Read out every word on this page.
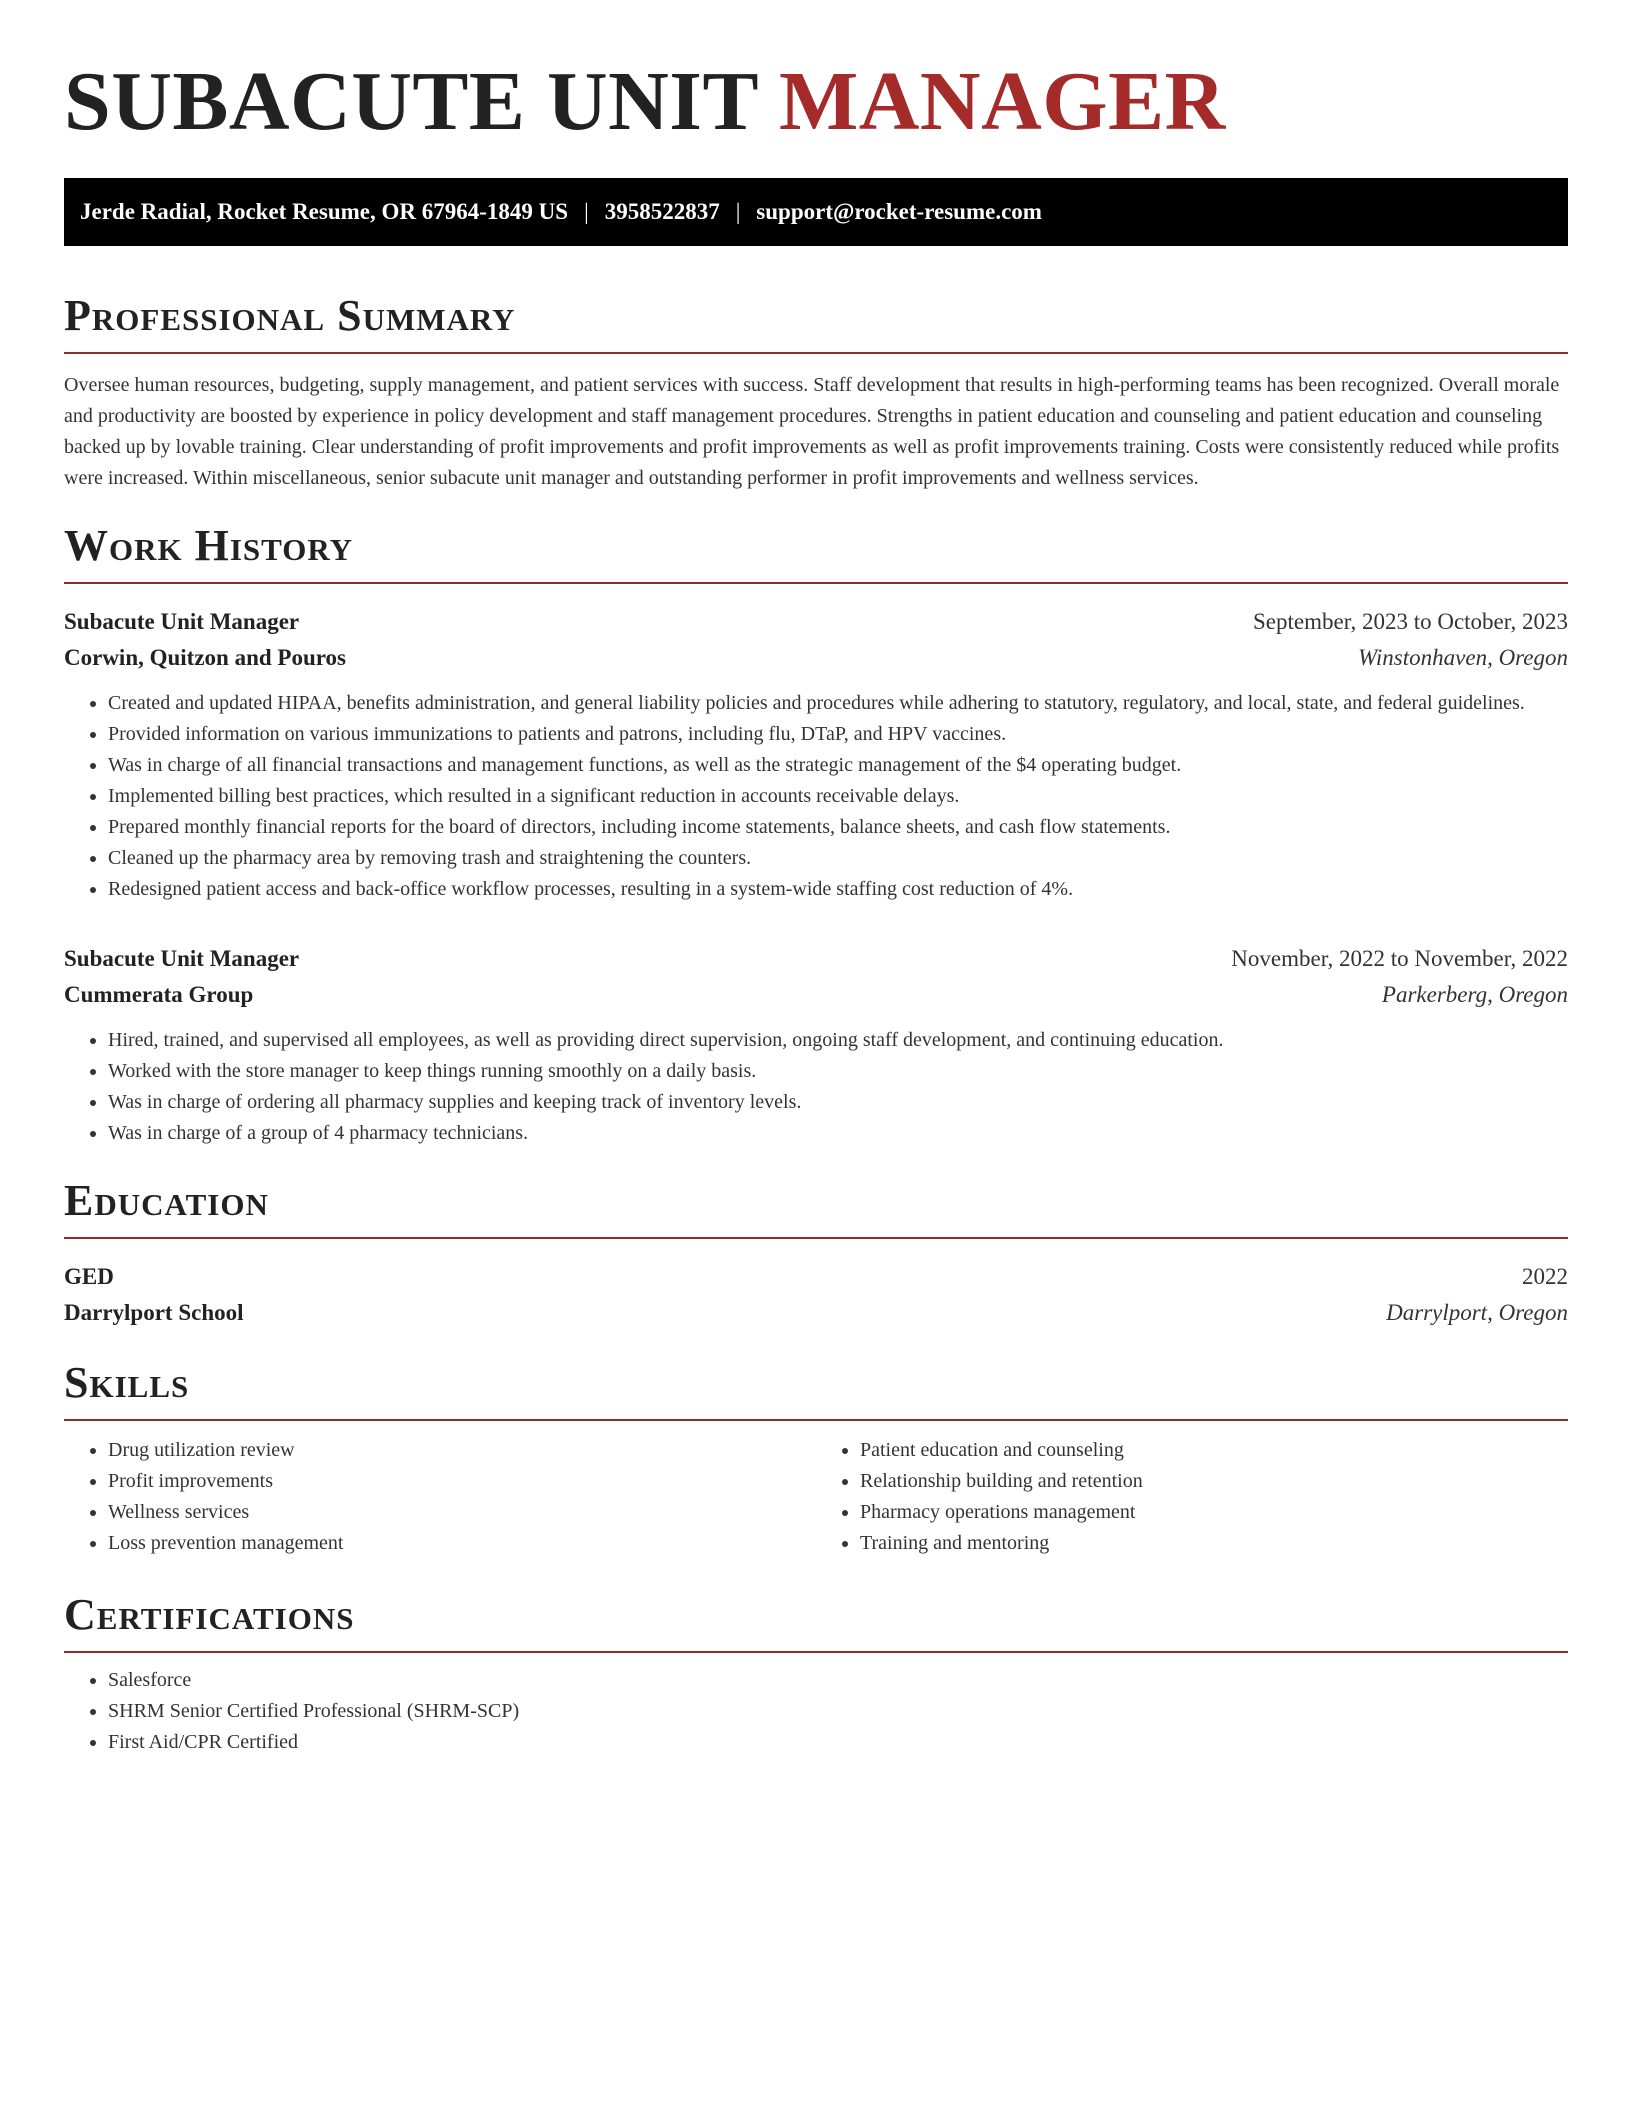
SUBACUTE UNIT MANAGER
Jerde Radial, Rocket Resume, OR 67964-1849 US | 3958522837 | support@rocket-resume.com
Professional Summary

Oversee human resources, budgeting, supply management, and patient services with success. Staff development that results in high-performing teams has been recognized. Overall morale and productivity are boosted by experience in policy development and staff management procedures. Strengths in patient education and counseling and patient education and counseling backed up by lovable training. Clear understanding of profit improvements and profit improvements as well as profit improvements training. Costs were consistently reduced while profits were increased. Within miscellaneous, senior subacute unit manager and outstanding performer in profit improvements and wellness services.

Work History
Subacute Unit Manager	September, 2023 to October, 2023
Corwin, Quitzon and Pouros	Winstonhaven, Oregon
• Created and updated HIPAA, benefits administration, and general liability policies and procedures while adhering to statutory, regulatory, and local, state, and federal guidelines.
• Provided information on various immunizations to patients and patrons, including flu, DTaP, and HPV vaccines.
• Was in charge of all financial transactions and management functions, as well as the strategic management of the $4 operating budget.
• Implemented billing best practices, which resulted in a significant reduction in accounts receivable delays.
• Prepared monthly financial reports for the board of directors, including income statements, balance sheets, and cash flow statements.
• Cleaned up the pharmacy area by removing trash and straightening the counters.
• Redesigned patient access and back-office workflow processes, resulting in a system-wide staffing cost reduction of 4%.
Subacute Unit Manager	November, 2022 to November, 2022
Cummerata Group	Parkerberg, Oregon
• Hired, trained, and supervised all employees, as well as providing direct supervision, ongoing staff development, and continuing education.
• Worked with the store manager to keep things running smoothly on a daily basis.
• Was in charge of ordering all pharmacy supplies and keeping track of inventory levels.
• Was in charge of a group of 4 pharmacy technicians.
Education
GED	2022
Darrylport School	Darrylport, Oregon
Skills
• Drug utilization review
• Profit improvements
• Wellness services
• Loss prevention management
• Patient education and counseling
• Relationship building and retention
• Pharmacy operations management
• Training and mentoring
Certifications
• Salesforce
• SHRM Senior Certified Professional (SHRM-SCP)
• First Aid/CPR Certified
